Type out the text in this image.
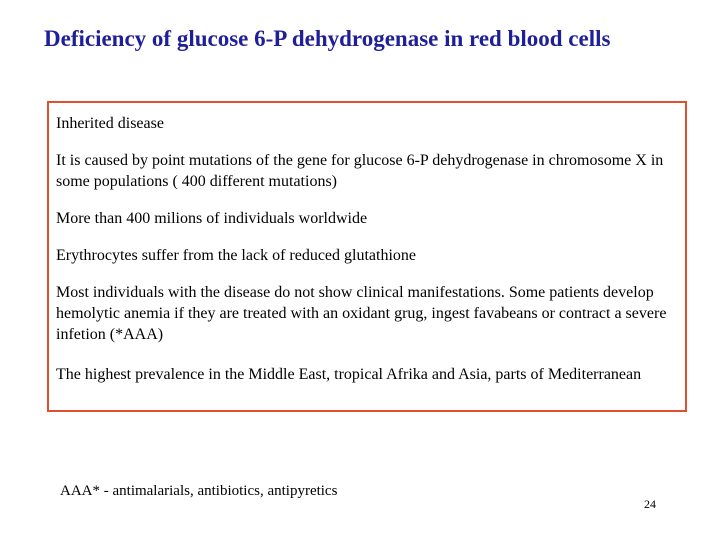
Deficiency of glucose 6-P dehydrogenase in red blood cells

Inherited disease

It is caused by point mutations of the gene for glucose 6-P dehydrogenase in chromosome X in some populations ( 400 different mutations)

More than 400 milions of individuals worldwide

Erythrocytes suffer from the lack of reduced glutathione

Most individuals with the disease do not show clinical manifestations. Some patients develop hemolytic anemia if they are treated with an oxidant grug, ingest favabeans or contract a severe infetion (*AAA)

The highest prevalence in the Middle East, tropical Afrika and Asia, parts of Mediterranean

AAA* - antimalarials, antibiotics, antipyretics

24
